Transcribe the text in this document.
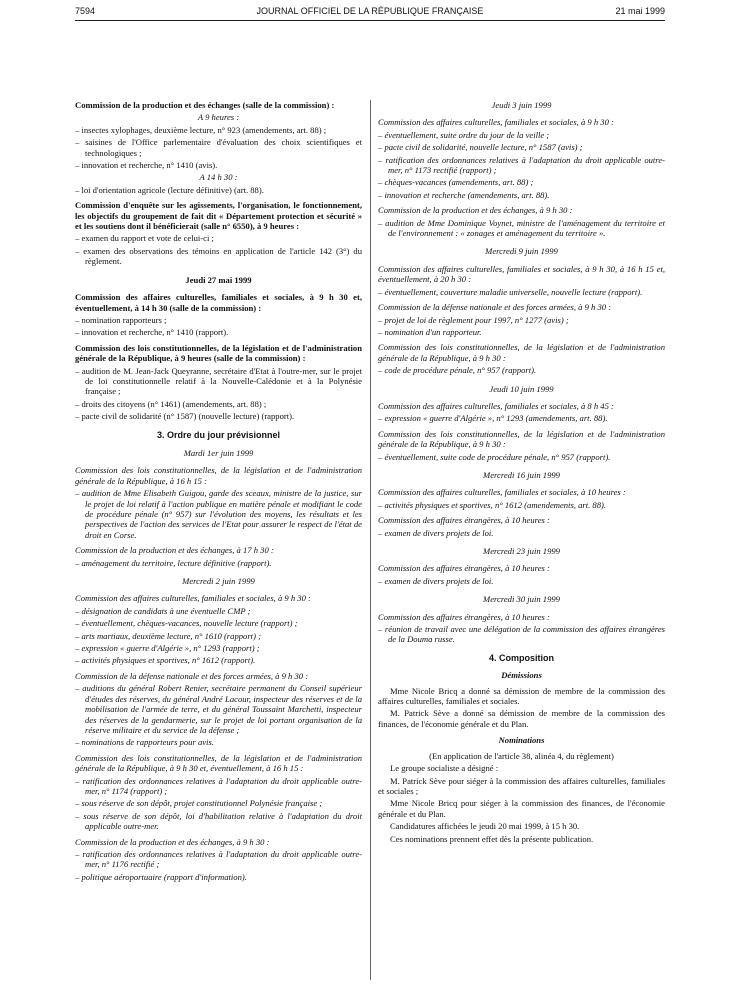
7594	JOURNAL OFFICIEL DE LA RÉPUBLIQUE FRANÇAISE	21 mai 1999

Commission de la production et des échanges (salle de la commission) :

A 9 heures :

– insectes xylophages, deuxième lecture, n° 923 (amendements, art. 88) ;

– saisines de l'Office parlementaire d'évaluation des choix scientifiques et technologiques ;

– innovation et recherche, n° 1410 (avis).

A 14 h 30 :

– loi d'orientation agricole (lecture définitive) (art. 88).

Commission d'enquête sur les agissements, l'organisation, le fonctionnement, les objectifs du groupement de fait dit « Département protection et sécurité » et les soutiens dont il bénéficierait (salle n° 6550), à 9 heures :

– examen du rapport et vote de celui-ci ;

– examen des observations des témoins en application de l'article 142 (3°) du règlement.

Jeudi 27 mai 1999

Commission des affaires culturelles, familiales et sociales, à 9 h 30 et, éventuellement, à 14 h 30 (salle de la commission) :

– nomination rapporteurs ;

– innovation et recherche, n° 1410 (rapport).

Commission des lois constitutionnelles, de la législation et de l'administration générale de la République, à 9 heures (salle de la commission) :

– audition de M. Jean-Jack Queyranne, secrétaire d'Etat à l'outre-mer, sur le projet de loi constitutionnelle relatif à la Nouvelle-Calédonie et à la Polynésie française ;

– droits des citoyens (n° 1461) (amendements, art. 88) ;

– pacte civil de solidarité (n° 1587) (nouvelle lecture) (rapport).

3. Ordre du jour prévisionnel

Mardi 1er juin 1999

Commission des lois constitutionnelles, de la législation et de l'administration générale de la République, à 16 h 15 :

– audition de Mme Elisabeth Guigou, garde des sceaux, ministre de la justice, sur le projet de loi relatif à l'action publique en matière pénale et modifiant le code de procédure pénale (n° 957) sur l'évolution des moyens, les résultats et les perspectives de l'action des services de l'Etat pour assurer le respect de l'état de droit en Corse.

Commission de la production et des échanges, à 17 h 30 :

– aménagement du territoire, lecture définitive (rapport).

Mercredi 2 juin 1999

Commission des affaires culturelles, familiales et sociales, à 9 h 30 :

– désignation de candidats à une éventuelle CMP ;

– éventuellement, chèques-vacances, nouvelle lecture (rapport) ;

– arts martiaux, deuxième lecture, n° 1610 (rapport) ;

– expression « guerre d'Algérie », n° 1293 (rapport) ;

– activités physiques et sportives, n° 1612 (rapport).

Commission de la défense nationale et des forces armées, à 9 h 30 :

– auditions du général Robert Renier, secrétaire permanent du Conseil supérieur d'études des réserves, du général André Lacour, inspecteur des réserves et de la mobilisation de l'armée de terre, et du général Toussaint Marchetti, inspecteur des réserves de la gendarmerie, sur le projet de loi portant organisation de la réserve militaire et du service de la défense ;

– nominations de rapporteurs pour avis.

Commission des lois constitutionnelles, de la législation et de l'administration générale de la République, à 9 h 30 et, éventuellement, à 16 h 15 :

– ratification des ordonnances relatives à l'adaptation du droit applicable outre-mer, n° 1174 (rapport) ;

– sous réserve de son dépôt, projet constitutionnel Polynésie française ;

– sous réserve de son dépôt, loi d'habilitation relative à l'adaptation du droit applicable outre-mer.

Commission de la production et des échanges, à 9 h 30 :

– ratification des ordonnances relatives à l'adaptation du droit applicable outre-mer, n° 1176 rectifié ;

– politique aéroportuaire (rapport d'information).

Jeudi 3 juin 1999

Commission des affaires culturelles, familiales et sociales, à 9 h 30 :

– éventuellement, suite ordre du jour de la veille ;

– pacte civil de solidarité, nouvelle lecture, n° 1587 (avis) ;

– ratification des ordonnances relatives à l'adaptation du droit applicable outre-mer, n° 1173 rectifié (rapport) ;

– chèques-vacances (amendements, art. 88) ;

– innovation et recherche (amendements, art. 88).

Commission de la production et des échanges, à 9 h 30 :

– audition de Mme Dominique Voynet, ministre de l'aménagement du territoire et de l'environnement : « zonages et aménagement du territoire ».

Mercredi 9 juin 1999

Commission des affaires culturelles, familiales et sociales, à 9 h 30, à 16 h 15 et, éventuellement, à 20 h 30 :

– éventuellement, couverture maladie universelle, nouvelle lecture (rapport).

Commission de la défense nationale et des forces armées, à 9 h 30 :

– projet de loi de règlement pour 1997, n° 1277 (avis) ;

– nomination d'un rapporteur.

Commission des lois constitutionnelles, de la législation et de l'administration générale de la République, à 9 h 30 :

– code de procédure pénale, n° 957 (rapport).

Jeudi 10 juin 1999

Commission des affaires culturelles, familiales et sociales, à 8 h 45 :

– expression « guerre d'Algérie », n° 1293 (amendements, art. 88).

Commission des lois constitutionnelles, de la législation et de l'administration générale de la République, à 9 h 30 :

– éventuellement, suite code de procédure pénale, n° 957 (rapport).

Mercredi 16 juin 1999

Commission des affaires culturelles, familiales et sociales, à 10 heures :

– activités physiques et sportives, n° 1612 (amendements, art. 88).

Commission des affaires étrangères, à 10 heures :

– examen de divers projets de loi.

Mercredi 23 juin 1999

Commission des affaires étrangères, à 10 heures :

– examen de divers projets de loi.

Mercredi 30 juin 1999

Commission des affaires étrangères, à 10 heures :

– réunion de travail avec une délégation de la commission des affaires étrangères de la Douma russe.

4. Composition

Démissions

Mme Nicole Bricq a donné sa démission de membre de la commission des affaires culturelles, familiales et sociales.

M. Patrick Sève a donné sa démission de membre de la commission des finances, de l'économie générale et du Plan.

Nominations

(En application de l'article 38, alinéa 4, du règlement)

Le groupe socialiste a désigné :

M. Patrick Sève pour siéger à la commission des affaires culturelles, familiales et sociales ;

Mme Nicole Bricq pour siéger à la commission des finances, de l'économie générale et du Plan.

Candidatures affichées le jeudi 20 mai 1999, à 15 h 30.

Ces nominations prennent effet dès la présente publication.
